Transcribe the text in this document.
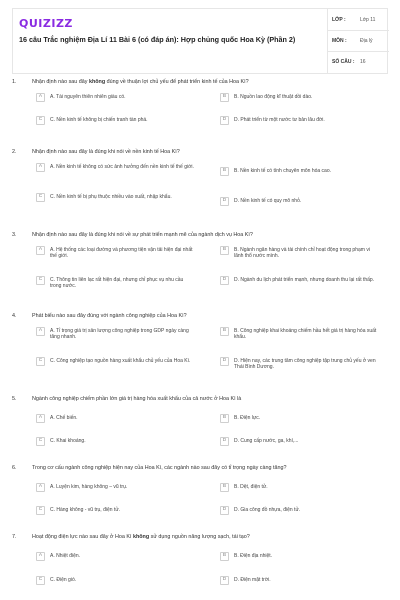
QUIZIZZ
16 câu Trắc nghiệm Địa Lí 11 Bài 6 (có đáp án): Hợp chủng quốc Hoa Kỳ (Phần 2)
LỚP :	Lớp 11
MÔN :	Địa lý
SỐ CÂU :	16
1.	Nhận định nào sau đây không đúng về thuận lợi chủ yếu để phát triển kinh tế của Hoa Kì?
A	A. Tài nguyên thiên nhiên giàu có.	B	B. Nguồn lao động kĩ thuật dồi dào.
C	C. Nền kinh tế không bị chiến tranh tàn phá.	D	D. Phát triển từ một nước tư bản lâu đời.
2.	Nhận định nào sau đây là đúng khi nói về nền kinh tế Hoa Kì?
A	A. Nền kinh tế không có sức ảnh hưởng đến nền kinh tế thế giới.
B	B. Nền kinh tế có tính chuyên môn hóa cao.
C	C. Nền kinh tế bị phụ thuộc nhiều vào xuất, nhập khẩu.
D	D. Nền kinh tế có quy mô nhỏ.
3.	Nhận định nào sau đây là đúng khi nói về sự phát triển mạnh mẽ của ngành dịch vụ Hoa Kì?
A	A. Hệ thống các loại đường và phương tiện vận tải hiện đại nhất thế giới.
B	B. Ngành ngân hàng và tài chính chỉ hoạt động trong phạm vi lãnh thổ nước mình.
C	C. Thông tin liên lạc rất hiện đại, nhưng chỉ phục vụ nhu cầu trong nước.
D	D. Ngành du lịch phát triển mạnh, nhưng doanh thu lại rất thấp.
4.	Phát biểu nào sau đây đúng với ngành công nghiệp của Hoa Kì?
A	A. Tỉ trọng giá trị sản lượng công nghiệp trong GDP ngày càng tăng nhanh.
B	B. Công nghiệp khai khoáng chiếm hầu hết giá trị hàng hóa xuất khẩu.
C	C. Công nghiệp tạo nguồn hàng xuất khẩu chủ yếu của Hoa Kì.	D	D. Hiện nay, các trung tâm công nghiệp tập trung chủ yếu ở ven Thái Bình Dương.
5.	Ngành công nghiệp chiếm phần lớn giá trị hàng hóa xuất khẩu của cả nước ở Hoa Kì là
A	A. Chế biến.	B	B. Điện lực.
C	C. Khai khoáng.	D	D. Cung cấp nước, ga, khí,...
6.	Trong cơ cấu ngành công nghiệp hiện nay của Hoa Kì, các ngành nào sau đây có tỉ trọng ngày càng tăng?
A	A. Luyện kim, hàng không – vũ trụ.	B	B. Dệt, điện tử.
C	C. Hàng không - vũ trụ, điện tử.	D	D. Gia công đồ nhựa, điện tử.
7.	Hoạt động điện lực nào sau đây ở Hoa Kì không sử dụng nguồn năng lượng sạch, tái tạo?
A	A. Nhiệt điện.	B	B. Điện địa nhiệt.
C	C. Điện gió.	D	D. Điện mặt trời.
